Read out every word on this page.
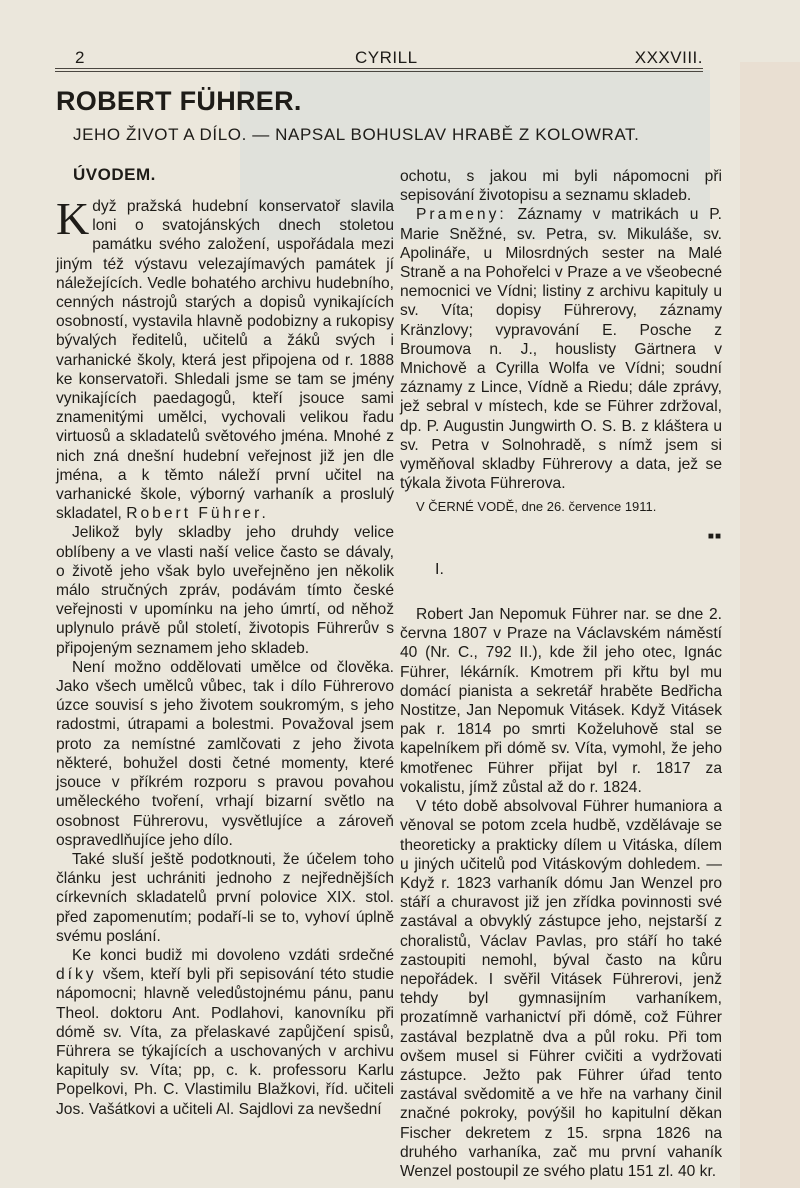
2	CYRILL	XXXVIII.
ROBERT FÜHRER.
JEHO ŽIVOT A DÍLO. — NAPSAL BOHUSLAV HRABĚ Z KOLOWRAT.
ÚVODEM.

Když pražská hudební konservatoř slavila loni o svatojánských dnech stoletou památku svého založení, uspořádala mezi jiným též výstavu velezajímavých památek jí náležejících. Vedle bohatého archivu hudebního, cenných nástrojů starých a dopisů vynikajících osobností, vystavila hlavně podobizny a rukopisy bývalých ředitelů, učitelů a žáků svých i varhanické školy, která jest připojena od r. 1888 ke konservatoři. Shledali jsme se tam se jmény vynikajících paedagogů, kteří jsouce sami znamenitými umělci, vychovali velikou řadu virtuosů a skladatelů světového jména. Mnohé z nich zná dnešní hudební veřejnost již jen dle jména, a k těmto náleží první učitel na varhanické škole, výborný varhaník a proslulý skladatel, Robert Führer.

Jelikož byly skladby jeho druhdy velice oblíbeny a ve vlasti naší velice často se dávaly, o životě jeho však bylo uveřejněno jen několik málo stručných zpráv, podávám tímto české veřejnosti v upomínku na jeho úmrtí, od něhož uplynulo právě půl století, životopis Führerův s připojeným seznamem jeho skladeb.

Není možno oddělovati umělce od člověka. Jako všech umělců vůbec, tak i dílo Führerovo úzce souvisí s jeho životem soukromým, s jeho radostmi, útrapami a bolestmi. Považoval jsem proto za nemístné zamlčovati z jeho života některé, bohužel dosti četné momenty, které jsouce v příkrém rozporu s pravou povahou uměleckého tvoření, vrhají bizarní světlo na osobnost Führerovu, vysvětlujíce a zároveň ospravedlňujíce jeho dílo.

Také sluší ještě podotknouti, že účelem toho článku jest uchrániti jednoho z nejřednějších církevních skladatelů první polovice XIX. stol. před zapomenutím; podaří-li se to, vyhoví úplně svému poslání.

Ke konci budiž mi dovoleno vzdáti srdečné díky všem, kteří byli při sepisování této studie nápomocni; hlavně veledůstojnému pánu, panu Theol. doktoru Ant. Podlahovi, kanovníku při dómě sv. Víta, za přelaskavé zapůjčení spisů, Führera se týkajících a uschovaných v archivu kapituly sv. Víta; pp, c. k. professoru Karlu Popelkovi, Ph. C. Vlastimilu Blažkovi, říd. učiteli Jos. Vašátkovi a učiteli Al. Sajdlovi za nevšední

ochotu, s jakou mi byli nápomocni při sepisování životopisu a seznamu skladeb.

Prameny: Záznamy v matrikách u P. Marie Sněžné, sv. Petra, sv. Mikuláše, sv. Apolináře, u Milosrdných sester na Malé Straně a na Pohořelci v Praze a ve všeobecné nemocnici ve Vídni; listiny z archivu kapituly u sv. Víta; dopisy Führerovy, záznamy Kränzlovy; vypravování E. Posche z Broumova n. J., houslisty Gärtnera v Mnichově a Cyrilla Wolfa ve Vídni; soudní záznamy z Lince, Vídně a Riedu; dále zprávy, jež sebral v místech, kde se Führer zdržoval, dp. P. Augustin Jungwirth O. S. B. z kláštera u sv. Petra v Solnohradě, s nímž jsem si vyměňoval skladby Führerovy a data, jež se týkala života Führerova.

V ČERNÉ VODĚ, dne 26. července 1911.

■■

I.

Robert Jan Nepomuk Führer nar. se dne 2. června 1807 v Praze na Václavském náměstí 40 (Nr. C., 792 II.), kde žil jeho otec, Ignác Führer, lékárník. Kmotrem při křtu byl mu domácí pianista a sekretář hraběte Bedřicha Nostitze, Jan Nepomuk Vitásek. Když Vitásek pak r. 1814 po smrti Koželuhově stal se kapelníkem při dómě sv. Víta, vymohl, že jeho kmotřenec Führer přijat byl r. 1817 za vokalistu, jímž zůstal až do r. 1824.

V této době absolvoval Führer humaniora a věnoval se potom zcela hudbě, vzdělávaje se theoreticky a prakticky dílem u Vitáska, dílem u jiných učitelů pod Vitáskovým dohledem. — Když r. 1823 varhaník dómu Jan Wenzel pro stáří a churavost již jen zřídka povinnosti své zastával a obvyklý zástupce jeho, nejstarší z choralistů, Václav Pavlas, pro stáří ho také zastoupiti nemohl, býval často na kůru nepořádek. I svěřil Vitásek Führerovi, jenž tehdy byl gymnasijním varhaníkem, prozatímně varhanictví při dómě, což Führer zastával bezplatně dva a půl roku. Při tom ovšem musel si Führer cvičiti a vydržovati zástupce. Ježto pak Führer úřad tento zastával svědomitě a ve hře na varhany činil značné pokroky, povýšil ho kapitulní děkan Fischer dekretem z 15. srpna 1826 na druhého varhaníka, zač mu první vahaník Wenzel postoupil ze svého platu 151 zl. 40 kr.
